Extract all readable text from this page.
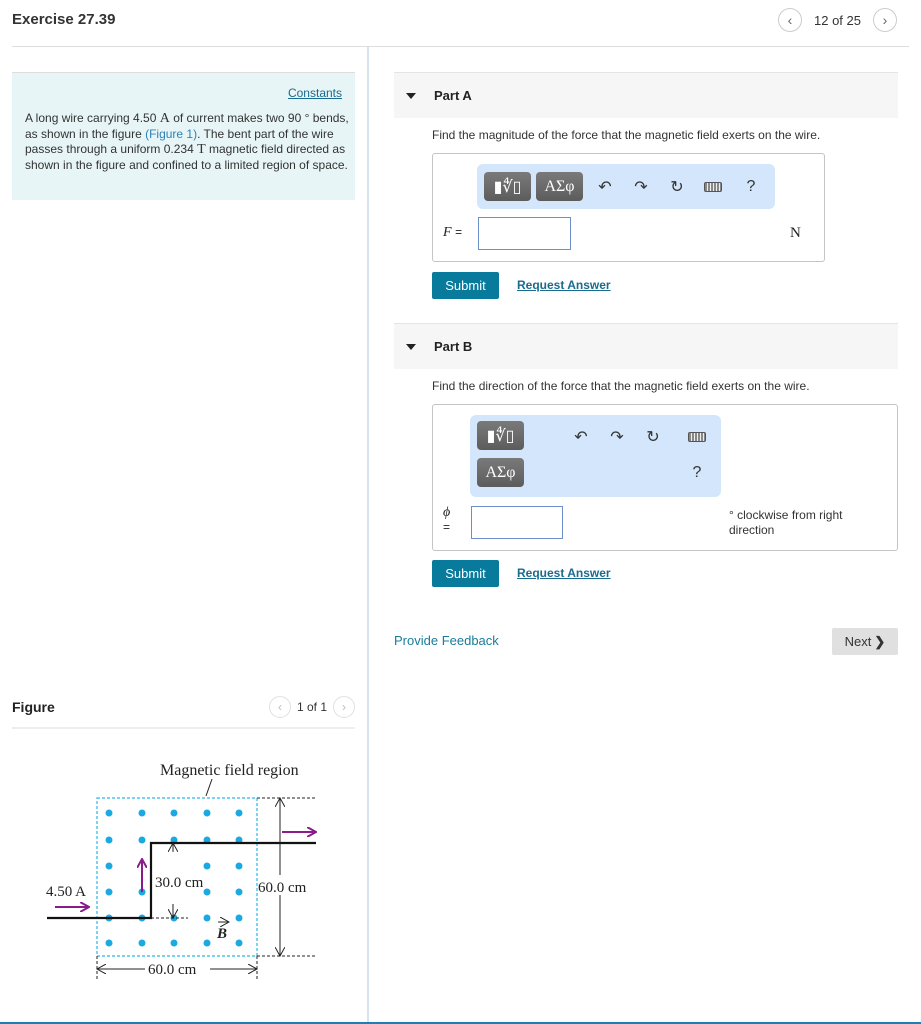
Exercise 27.39	‹	12 of 25 ›
Constants
A long wire carrying 4.50 A of current makes two 90 ° bends, as shown in the figure (Figure 1). The bent part of the wire passes through a uniform 0.234 T magnetic field directed as shown in the figure and confined to a limited region of space.
Figure	‹ 1 of 1 ›
Magnetic field region
30.0 cm	60.0 cm
60.0 cm
4.50 A
B
Part A
Find the magnitude of the force that the magnetic field exerts on the wire.
▮∜▯	ΑΣφ	↶ ↷ ↻	?
F =	N
Submit	Request Answer
Part B
Find the direction of the force that the magnetic field exerts on the wire.
▮∜▯
ΑΣφ
↶ ↷ ↻
?
ϕ
=
° clockwise from right direction
Submit	Request Answer
Provide Feedback	Next ❯
